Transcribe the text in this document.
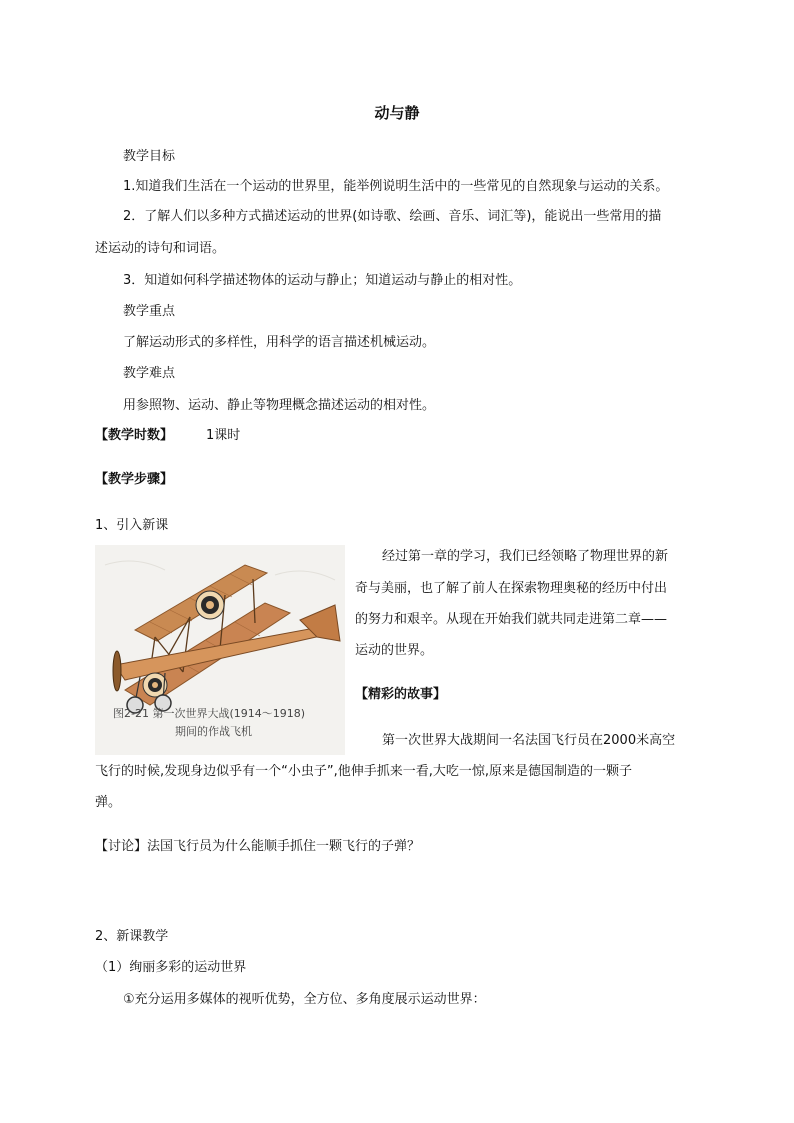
动与静
教学目标
1.知道我们生活在一个运动的世界里，能举例说明生活中的一些常见的自然现象与运动的关系。
2．了解人们以多种方式描述运动的世界(如诗歌、绘画、音乐、词汇等)，能说出一些常用的描
述运动的诗句和词语。
3．知道如何科学描述物体的运动与静止；知道运动与静止的相对性。
教学重点
了解运动形式的多样性，用科学的语言描述机械运动。
教学难点
用参照物、运动、静止等物理概念描述运动的相对性。
【教学时数】	1课时
【教学步骤】
1、引入新课
图2-21 第一次世界大战(1914～1918)
期间的作战飞机
经过第一章的学习，我们已经领略了物理世界的新
奇与美丽，也了解了前人在探索物理奥秘的经历中付出
的努力和艰辛。从现在开始我们就共同走进第二章——
运动的世界。
【精彩的故事】
第一次世界大战期间一名法国飞行员在2000米高空
飞行的时候,发现身边似乎有一个“小虫子”,他伸手抓来一看,大吃一惊,原来是德国制造的一颗子
弹。
【讨论】法国飞行员为什么能顺手抓住一颗飞行的子弹？
2、新课教学
（1）绚丽多彩的运动世界
①充分运用多媒体的视听优势，全方位、多角度展示运动世界：
